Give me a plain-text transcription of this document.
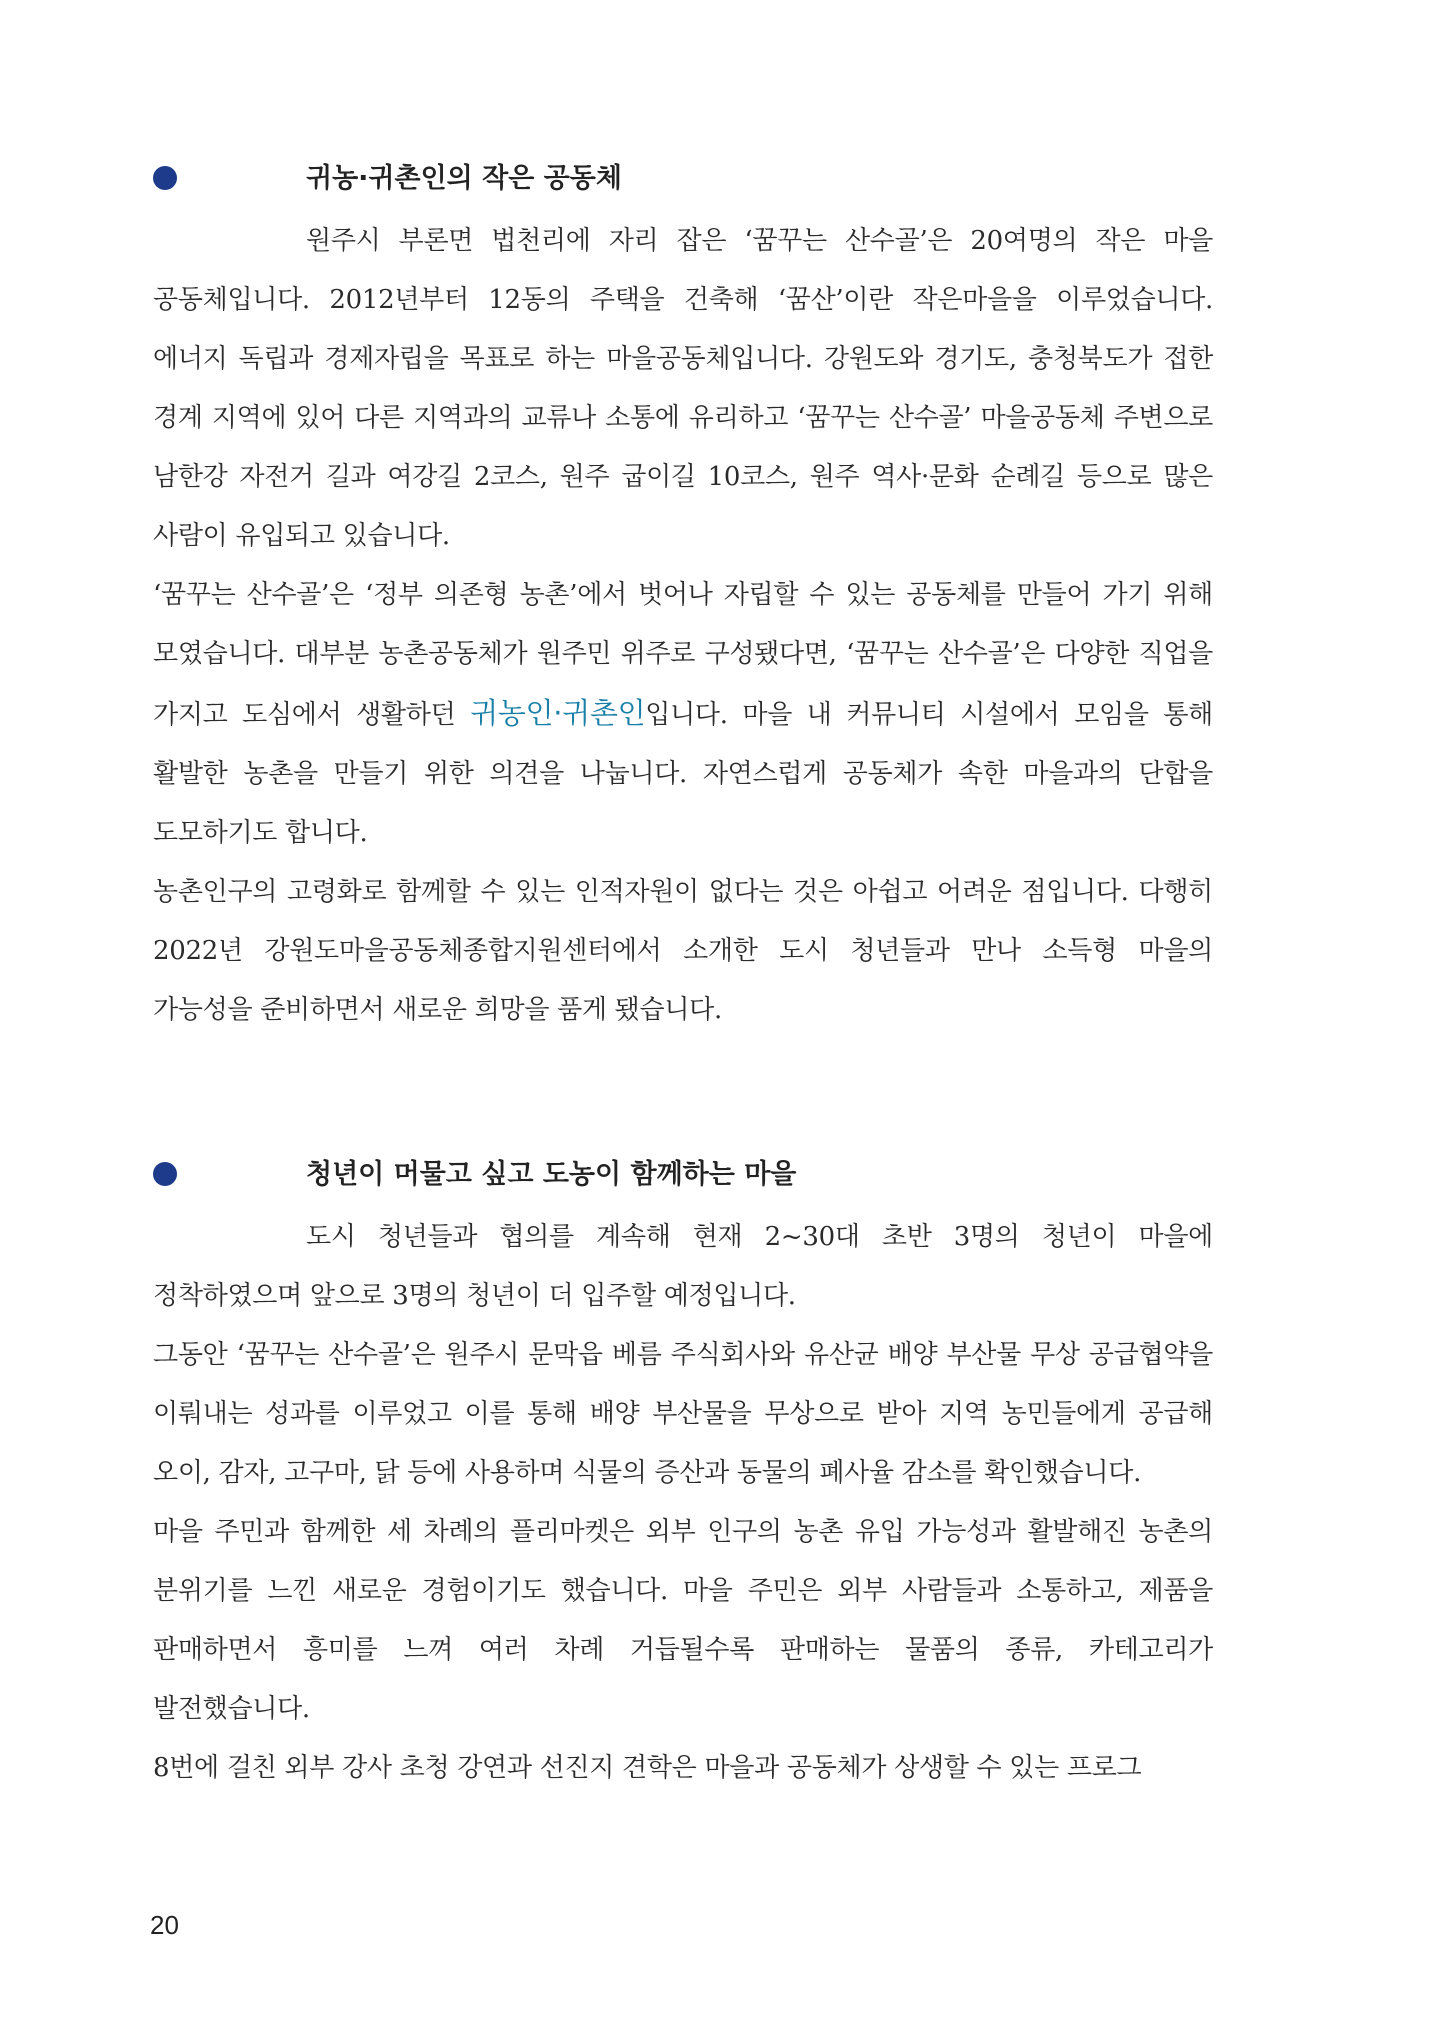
귀농·귀촌인의 작은 공동체

원주시 부론면 법천리에 자리 잡은 ‘꿈꾸는 산수골’은 20여명의 작은 마을 공동체입니다. 2012년부터 12동의 주택을 건축해 ‘꿈산’이란 작은마을을 이루었습니다. 에너지 독립과 경제자립을 목표로 하는 마을공동체입니다. 강원도와 경기도, 충청북도가 접한 경계 지역에 있어 다른 지역과의 교류나 소통에 유리하고 ‘꿈꾸는 산수골’ 마을공동체 주변으로 남한강 자전거 길과 여강길 2코스, 원주 굽이길 10코스, 원주 역사·문화 순례길 등으로 많은 사람이 유입되고 있습니다.

‘꿈꾸는 산수골’은 ‘정부 의존형 농촌’에서 벗어나 자립할 수 있는 공동체를 만들어 가기 위해 모였습니다. 대부분 농촌공동체가 원주민 위주로 구성됐다면, ‘꿈꾸는 산수골’은 다양한 직업을 가지고 도심에서 생활하던 귀농인·귀촌인입니다. 마을 내 커뮤니티 시설에서 모임을 통해 활발한 농촌을 만들기 위한 의견을 나눕니다. 자연스럽게 공동체가 속한 마을과의 단합을 도모하기도 합니다.

농촌인구의 고령화로 함께할 수 있는 인적자원이 없다는 것은 아쉽고 어려운 점입니다. 다행히 2022년 강원도마을공동체종합지원센터에서 소개한 도시 청년들과 만나 소득형 마을의 가능성을 준비하면서 새로운 희망을 품게 됐습니다.

청년이 머물고 싶고 도농이 함께하는 마을

도시 청년들과 협의를 계속해 현재 2~30대 초반 3명의 청년이 마을에 정착하였으며 앞으로 3명의 청년이 더 입주할 예정입니다.

그동안 ‘꿈꾸는 산수골’은 원주시 문막읍 베름 주식회사와 유산균 배양 부산물 무상 공급협약을 이뤄내는 성과를 이루었고 이를 통해 배양 부산물을 무상으로 받아 지역 농민들에게 공급해 오이, 감자, 고구마, 닭 등에 사용하며 식물의 증산과 동물의 폐사율 감소를 확인했습니다.

마을 주민과 함께한 세 차례의 플리마켓은 외부 인구의 농촌 유입 가능성과 활발해진 농촌의 분위기를 느낀 새로운 경험이기도 했습니다. 마을 주민은 외부 사람들과 소통하고, 제품을 판매하면서 흥미를 느껴 여러 차례 거듭될수록 판매하는 물품의 종류, 카테고리가 발전했습니다.

8번에 걸친 외부 강사 초청 강연과 선진지 견학은 마을과 공동체가 상생할 수 있는 프로그

20
